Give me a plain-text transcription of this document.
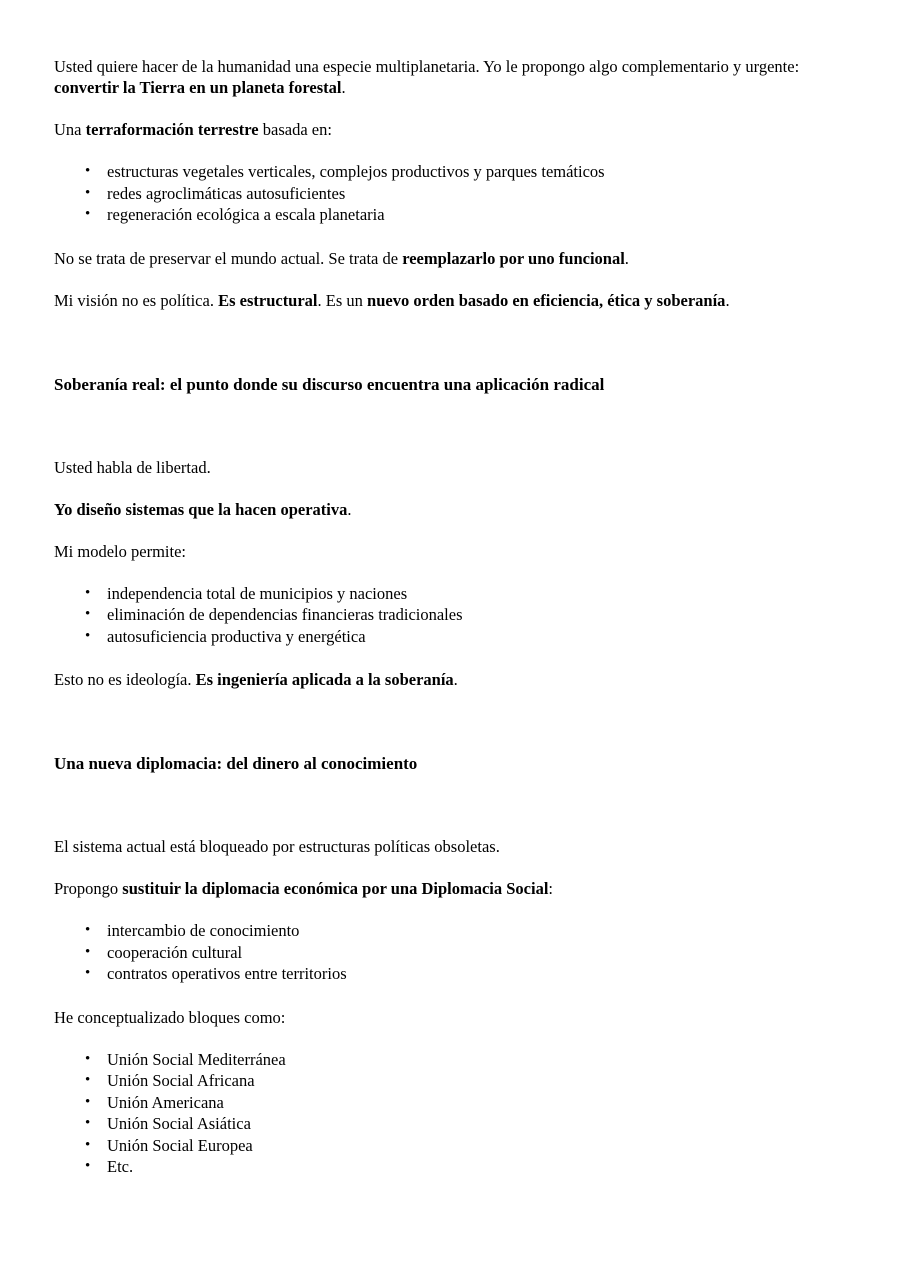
Usted quiere hacer de la humanidad una especie multiplanetaria. Yo le propongo algo complementario y urgente: convertir la Tierra en un planeta forestal.

Una terraformación terrestre basada en:

• estructuras vegetales verticales, complejos productivos y parques temáticos
• redes agroclimáticas autosuficientes
• regeneración ecológica a escala planetaria

No se trata de preservar el mundo actual. Se trata de reemplazarlo por uno funcional.

Mi visión no es política. Es estructural. Es un nuevo orden basado en eficiencia, ética y soberanía.

Soberanía real: el punto donde su discurso encuentra una aplicación radical

Usted habla de libertad.

Yo diseño sistemas que la hacen operativa.

Mi modelo permite:

• independencia total de municipios y naciones
• eliminación de dependencias financieras tradicionales
• autosuficiencia productiva y energética

Esto no es ideología. Es ingeniería aplicada a la soberanía.

Una nueva diplomacia: del dinero al conocimiento

El sistema actual está bloqueado por estructuras políticas obsoletas.

Propongo sustituir la diplomacia económica por una Diplomacia Social:

• intercambio de conocimiento
• cooperación cultural
• contratos operativos entre territorios

He conceptualizado bloques como:

• Unión Social Mediterránea
• Unión Social Africana
• Unión Americana
• Unión Social Asiática
• Unión Social Europea
• Etc.
